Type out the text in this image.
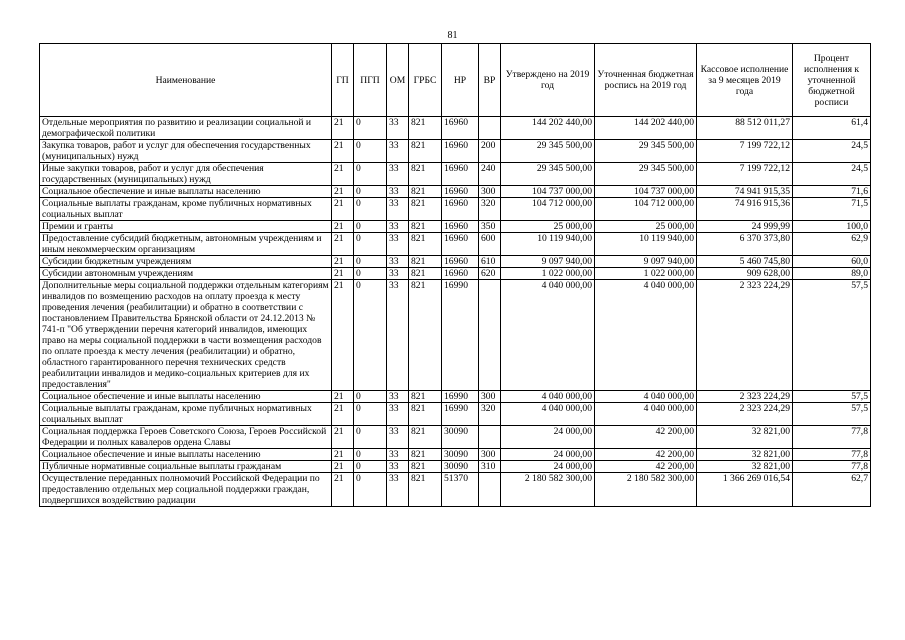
81
Наименование	ГП	ПГП	ОМ	ГРБС	НР	ВР	Утверждено на 2019 год	Уточненная бюджетная роспись на 2019 год	Кассовое исполнение за 9 месяцев 2019 года	Процент исполнения к уточненной бюджетной росписи
Отдельные мероприятия по развитию и реализации социальной и демографической политики	21	0	33	821	16960		144 202 440,00	144 202 440,00	88 512 011,27	61,4
Закупка товаров, работ и услуг для обеспечения государственных (муниципальных) нужд	21	0	33	821	16960	200	29 345 500,00	29 345 500,00	7 199 722,12	24,5
Иные закупки товаров, работ и услуг для обеспечения государственных (муниципальных) нужд	21	0	33	821	16960	240	29 345 500,00	29 345 500,00	7 199 722,12	24,5
Социальное обеспечение и иные выплаты населению	21	0	33	821	16960	300	104 737 000,00	104 737 000,00	74 941 915,35	71,6
Социальные выплаты гражданам, кроме публичных нормативных социальных выплат	21	0	33	821	16960	320	104 712 000,00	104 712 000,00	74 916 915,36	71,5
Премии и гранты	21	0	33	821	16960	350	25 000,00	25 000,00	24 999,99	100,0
Предоставление субсидий бюджетным, автономным учреждениям и иным некоммерческим организациям	21	0	33	821	16960	600	10 119 940,00	10 119 940,00	6 370 373,80	62,9
Субсидии бюджетным учреждениям	21	0	33	821	16960	610	9 097 940,00	9 097 940,00	5 460 745,80	60,0
Субсидии автономным учреждениям	21	0	33	821	16960	620	1 022 000,00	1 022 000,00	909 628,00	89,0
Дополнительные меры социальной поддержки отдельным категориям инвалидов по возмещению расходов на оплату проезда к месту проведения лечения (реабилитации) и обратно в соответствии с постановлением Правительства Брянской области от 24.12.2013 № 741-п "Об утверждении перечня категорий инвалидов, имеющих право на меры социальной поддержки в части возмещения расходов по оплате проезда к месту лечения (реабилитации) и обратно, областного гарантированного перечня технических средств реабилитации инвалидов и медико-социальных критериев для их предоставления"	21	0	33	821	16990		4 040 000,00	4 040 000,00	2 323 224,29	57,5
Социальное обеспечение и иные выплаты населению	21	0	33	821	16990	300	4 040 000,00	4 040 000,00	2 323 224,29	57,5
Социальные выплаты гражданам, кроме публичных нормативных социальных выплат	21	0	33	821	16990	320	4 040 000,00	4 040 000,00	2 323 224,29	57,5
Социальная поддержка Героев Советского Союза, Героев Российской Федерации и полных кавалеров ордена Славы	21	0	33	821	30090		24 000,00	42 200,00	32 821,00	77,8
Социальное обеспечение и иные выплаты населению	21	0	33	821	30090	300	24 000,00	42 200,00	32 821,00	77,8
Публичные нормативные социальные выплаты гражданам	21	0	33	821	30090	310	24 000,00	42 200,00	32 821,00	77,8
Осуществление переданных полномочий Российской Федерации по предоставлению отдельных мер социальной поддержки граждан, подвергшихся воздействию радиации	21	0	33	821	51370		2 180 582 300,00	2 180 582 300,00	1 366 269 016,54	62,7
